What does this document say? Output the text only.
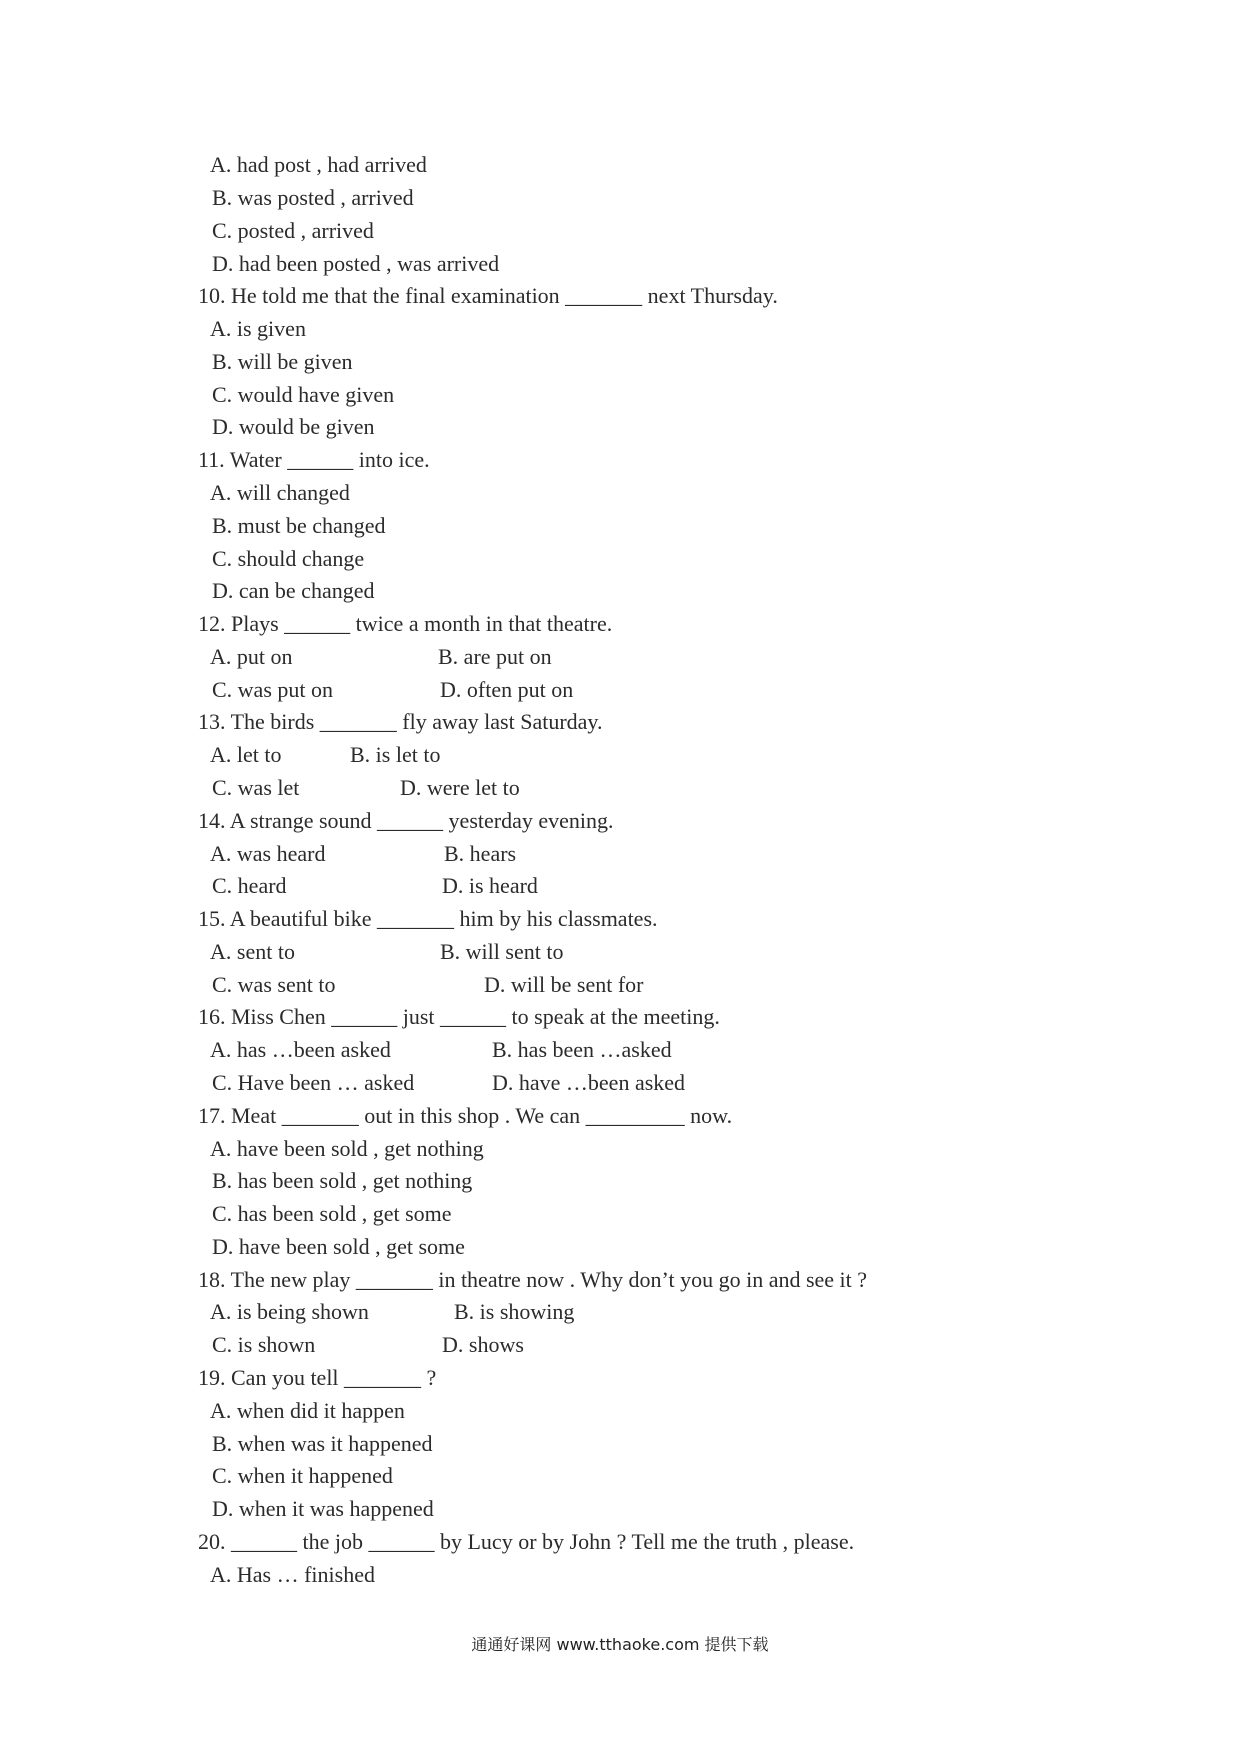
A. had post , had arrived
B. was posted , arrived
C. posted , arrived
D. had been posted , was arrived
10. He told me that the final examination _______ next Thursday.
A. is given
B. will be given
C. would have given
D. would be given
11. Water ______ into ice.
A. will changed
B. must be changed
C. should change
D. can be changed
12. Plays ______ twice a month in that theatre.
A. put on	B. are put on
C. was put on	D. often put on
13. The birds _______ fly away last Saturday.
A. let to	B. is let to
C. was let	D. were let to
14. A strange sound ______ yesterday evening.
A. was heard	B. hears
C. heard	D. is heard
15. A beautiful bike _______ him by his classmates.
A. sent to	B. will sent to
C. was sent to	D. will be sent for
16. Miss Chen ______ just ______ to speak at the meeting.
A. has …been asked	B. has been …asked
C. Have been … asked	D. have …been asked
17. Meat _______ out in this shop . We can _________ now.
A. have been sold , get nothing
B. has been sold , get nothing
C. has been sold , get some
D. have been sold , get some
18. The new play _______ in theatre now . Why don’t you go in and see it ?
A. is being shown	B. is showing
C. is shown	D. shows
19. Can you tell _______ ?
A. when did it happen
B. when was it happened
C. when it happened
D. when it was happened
20. ______ the job ______ by Lucy or by John ? Tell me the truth , please.
A. Has … finished
通通好课网 www.tthaoke.com 提供下载
